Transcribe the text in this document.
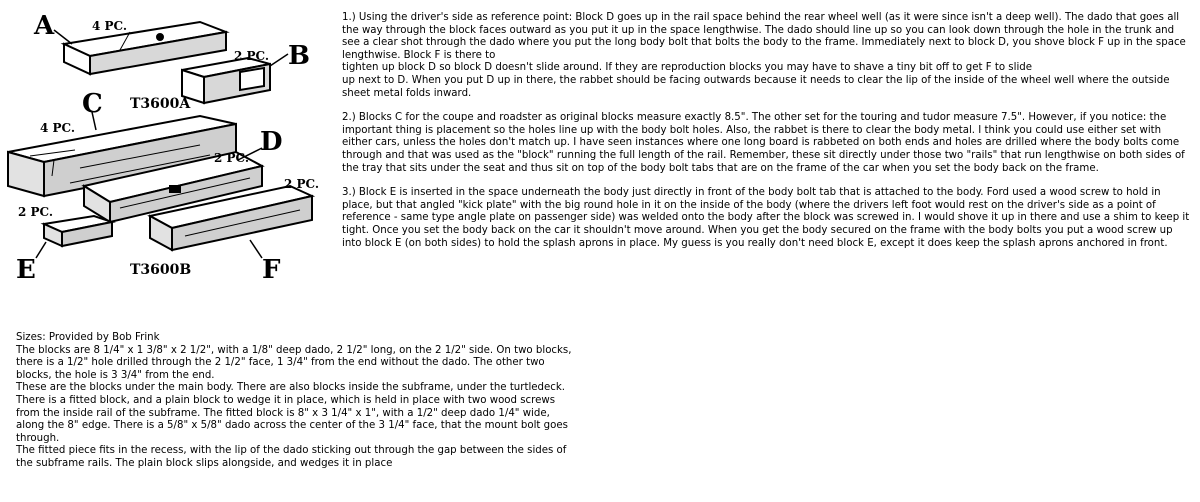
A
B
C
D
E	F
4 PC.
2 PC.
4 PC.
2 PC.
2 PC.
2 PC.
T3600A
T3600B

1.) Using the driver's side as reference point: Block D goes up in the rail space behind the rear wheel well (as it were since isn't a deep well). The dado that goes all the way through the block faces outward as you put it up in the space lengthwise. The dado should line up so you can look down through the hole in the trunk and see a clear shot through the dado where you put the long body bolt that bolts the body to the frame. Immediately next to block D, you shove block F up in the space lengthwise. Block F is there to
tighten up block D so block D doesn't slide around. If they are reproduction blocks you may have to shave a tiny bit off to get F to slide
up next to D. When you put D up in there, the rabbet should be facing outwards because it needs to clear the lip of the inside of the wheel well where the outside sheet metal folds inward.

2.) Blocks C for the coupe and roadster as original blocks measure exactly 8.5". The other set for the touring and tudor measure 7.5". However, if you notice: the important thing is placement so the holes line up with the body bolt holes. Also, the rabbet is there to clear the body metal. I think you could use either set with either cars, unless the holes don't match up. I have seen instances where one long board is rabbeted on both ends and holes are drilled where the body bolts come through and that was used as the "block" running the full length of the rail. Remember, these sit directly under those two "rails" that run lengthwise on both sides of the tray that sits under the seat and thus sit on top of the body bolt tabs that are on the frame of the car when you set the body back on the frame.

3.) Block E is inserted in the space underneath the body just directly in front of the body bolt tab that is attached to the body. Ford used a wood screw to hold in place, but that angled "kick plate" with the big round hole in it on the inside of the body (where the drivers left foot would rest on the driver's side as a point of reference - same type angle plate on passenger side) was welded onto the body after the block was screwed in. I would shove it up in there and use a shim to keep it tight. Once you set the body back on the car it shouldn't move around. When you get the body secured on the frame with the body bolts you put a wood screw up into block E (on both sides) to hold the splash aprons in place. My guess is you really don't need block E, except it does keep the splash aprons anchored in front.

Sizes: Provided by Bob Frink
The blocks are 8 1/4" x 1 3/8" x 2 1/2", with a 1/8" deep dado, 2 1/2" long, on the 2 1/2" side. On two blocks,
there is a 1/2" hole drilled through the 2 1/2" face, 1 3/4" from the end without the dado. The other two
blocks, the hole is 3 3/4" from the end.
These are the blocks under the main body. There are also blocks inside the subframe, under the turtledeck.
There is a fitted block, and a plain block to wedge it in place, which is held in place with two wood screws
from the inside rail of the subframe. The fitted block is 8" x 3 1/4" x 1", with a 1/2" deep dado 1/4" wide,
along the 8" edge. There is a 5/8" x 5/8" dado across the center of the 3 1/4" face, that the mount bolt goes
through.
The fitted piece fits in the recess, with the lip of the dado sticking out through the gap between the sides of
the subframe rails. The plain block slips alongside, and wedges it in place
